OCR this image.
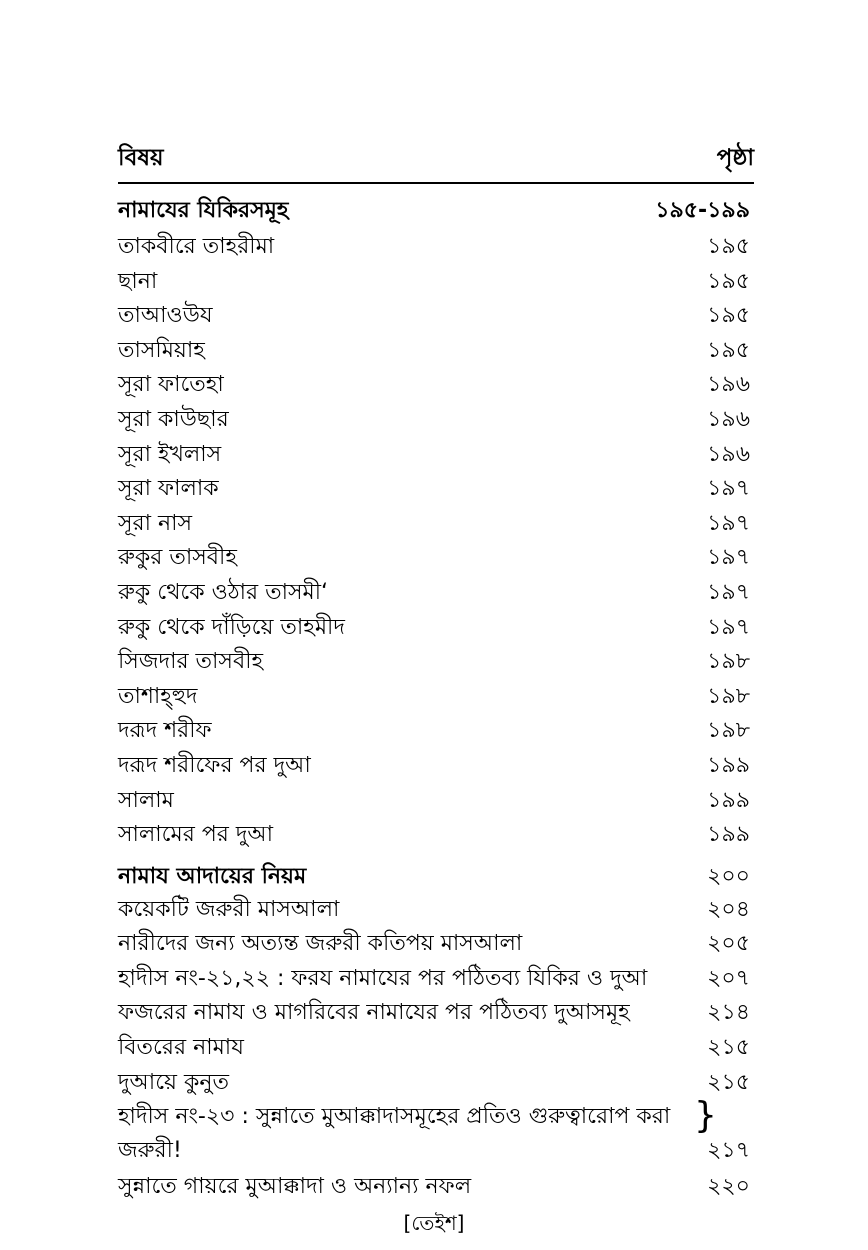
বিষয়	পৃষ্ঠা
নামাযের যিকিরসমূহ	১৯৫-১৯৯
তাকবীরে তাহরীমা	১৯৫
ছানা	১৯৫
তাআওউয	১৯৫
তাসমিয়াহ	১৯৫
সূরা ফাতেহা	১৯৬
সূরা কাউছার	১৯৬
সূরা ইখলাস	১৯৬
সূরা ফালাক	১৯৭
সূরা নাস	১৯৭
রুকুর তাসবীহ	১৯৭
রুকু থেকে ওঠার তাসমী‘	১৯৭
রুকু থেকে দাঁড়িয়ে তাহমীদ	১৯৭
সিজদার তাসবীহ	১৯৮
তাশাহ্হুদ	১৯৮
দরূদ শরীফ	১৯৮
দরূদ শরীফের পর দুআ	১৯৯
সালাম	১৯৯
সালামের পর দুআ	১৯৯
নামায আদায়ের নিয়ম	২০০
কয়েকটি জরুরী মাসআলা	২০৪
নারীদের জন্য অত্যন্ত জরুরী কতিপয় মাসআলা	২০৫
হাদীস নং-২১,২২ : ফরয নামাযের পর পঠিতব্য যিকির ও দুআ	২০৭
ফজরের নামায ও মাগরিবের নামাযের পর পঠিতব্য দুআসমূহ	২১৪
বিতরের নামায	২১৫
দুআয়ে কুনুত	২১৫
হাদীস নং-২৩ : সুন্নাতে মুআক্কাদাসমূহের প্রতিও গুরুত্বারোপ করা }
জরুরী!	২১৭
সুন্নাতে গায়রে মুআক্কাদা ও অন্যান্য নফল	২২০
[তেইশ]
